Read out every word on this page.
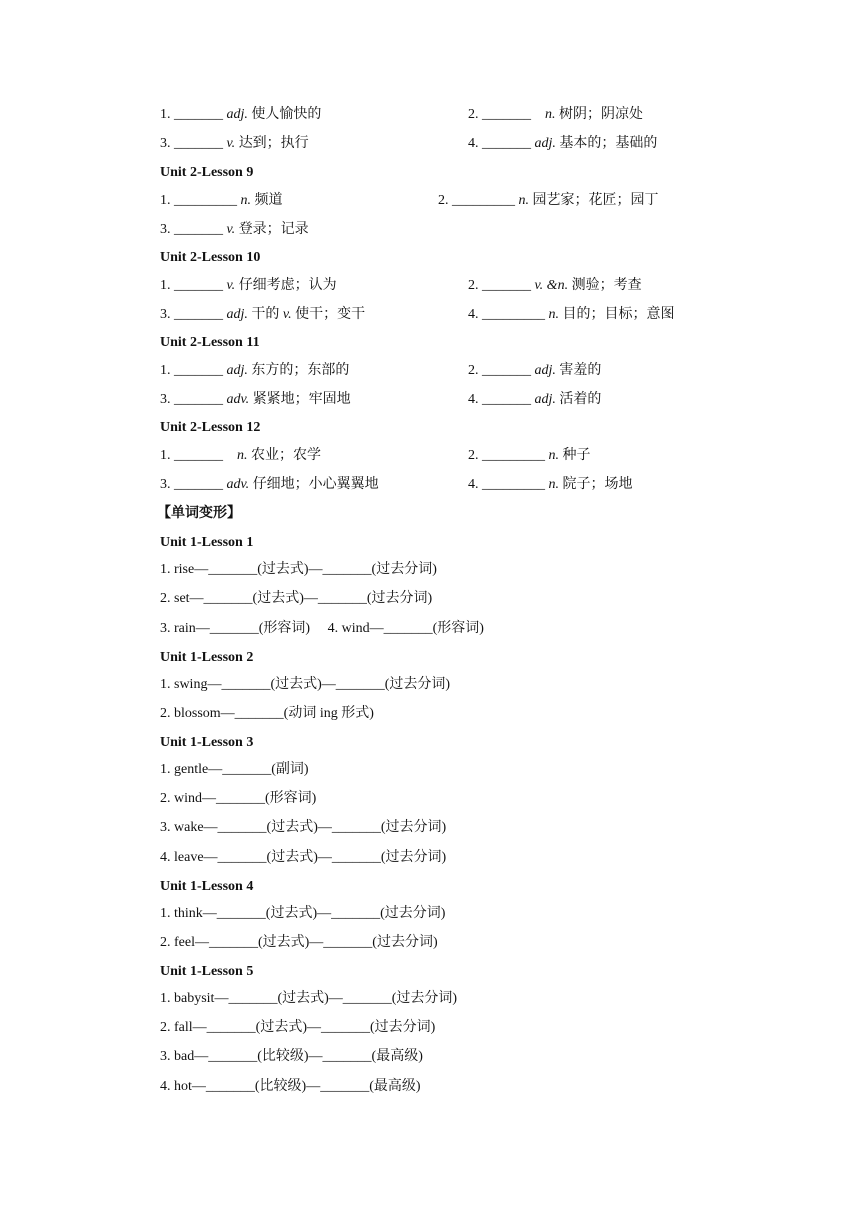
1. _______ adj. 使人愉快的	2. _______ n. 树阴；阴凉处
3. _______ v. 达到；执行	4. _______ adj. 基本的；基础的
Unit 2-Lesson 9
1. _________ n. 频道	2. _________ n. 园艺家；花匠；园丁
3. _______ v. 登录；记录
Unit 2-Lesson 10
1. _______ v. 仔细考虑；认为	2. _______ v. &n. 测验；考查
3. _______ adj. 干的 v. 使干；变干	4. _________ n. 目的；目标；意图
Unit 2-Lesson 11
1. _______ adj. 东方的；东部的	2. _______ adj. 害羞的
3. _______ adv. 紧紧地；牢固地	4. _______ adj. 活着的
Unit 2-Lesson 12
1. _______ n. 农业；农学	2. _________ n. 种子
3. _______ adv. 仔细地；小心翼翼地	4. _________ n. 院子；场地
【单词变形】
Unit 1-Lesson 1
1. rise—_______(过去式)—_______(过去分词)
2. set—_______(过去式)—_______(过去分词)
3. rain—_______(形容词)　 4. wind—_______(形容词)
Unit 1-Lesson 2
1. swing—_______(过去式)—_______(过去分词)
2. blossom—_______(动词 ing 形式)
Unit 1-Lesson 3
1. gentle—_______(副词)
2. wind—_______(形容词)
3. wake—_______(过去式)—_______(过去分词)
4. leave—_______(过去式)—_______(过去分词)
Unit 1-Lesson 4
1. think—_______(过去式)—_______(过去分词)
2. feel—_______(过去式)—_______(过去分词)
Unit 1-Lesson 5
1. babysit—_______(过去式)—_______(过去分词)
2. fall—_______(过去式)—_______(过去分词)
3. bad—_______(比较级)—_______(最高级)
4. hot—_______(比较级)—_______(最高级)
